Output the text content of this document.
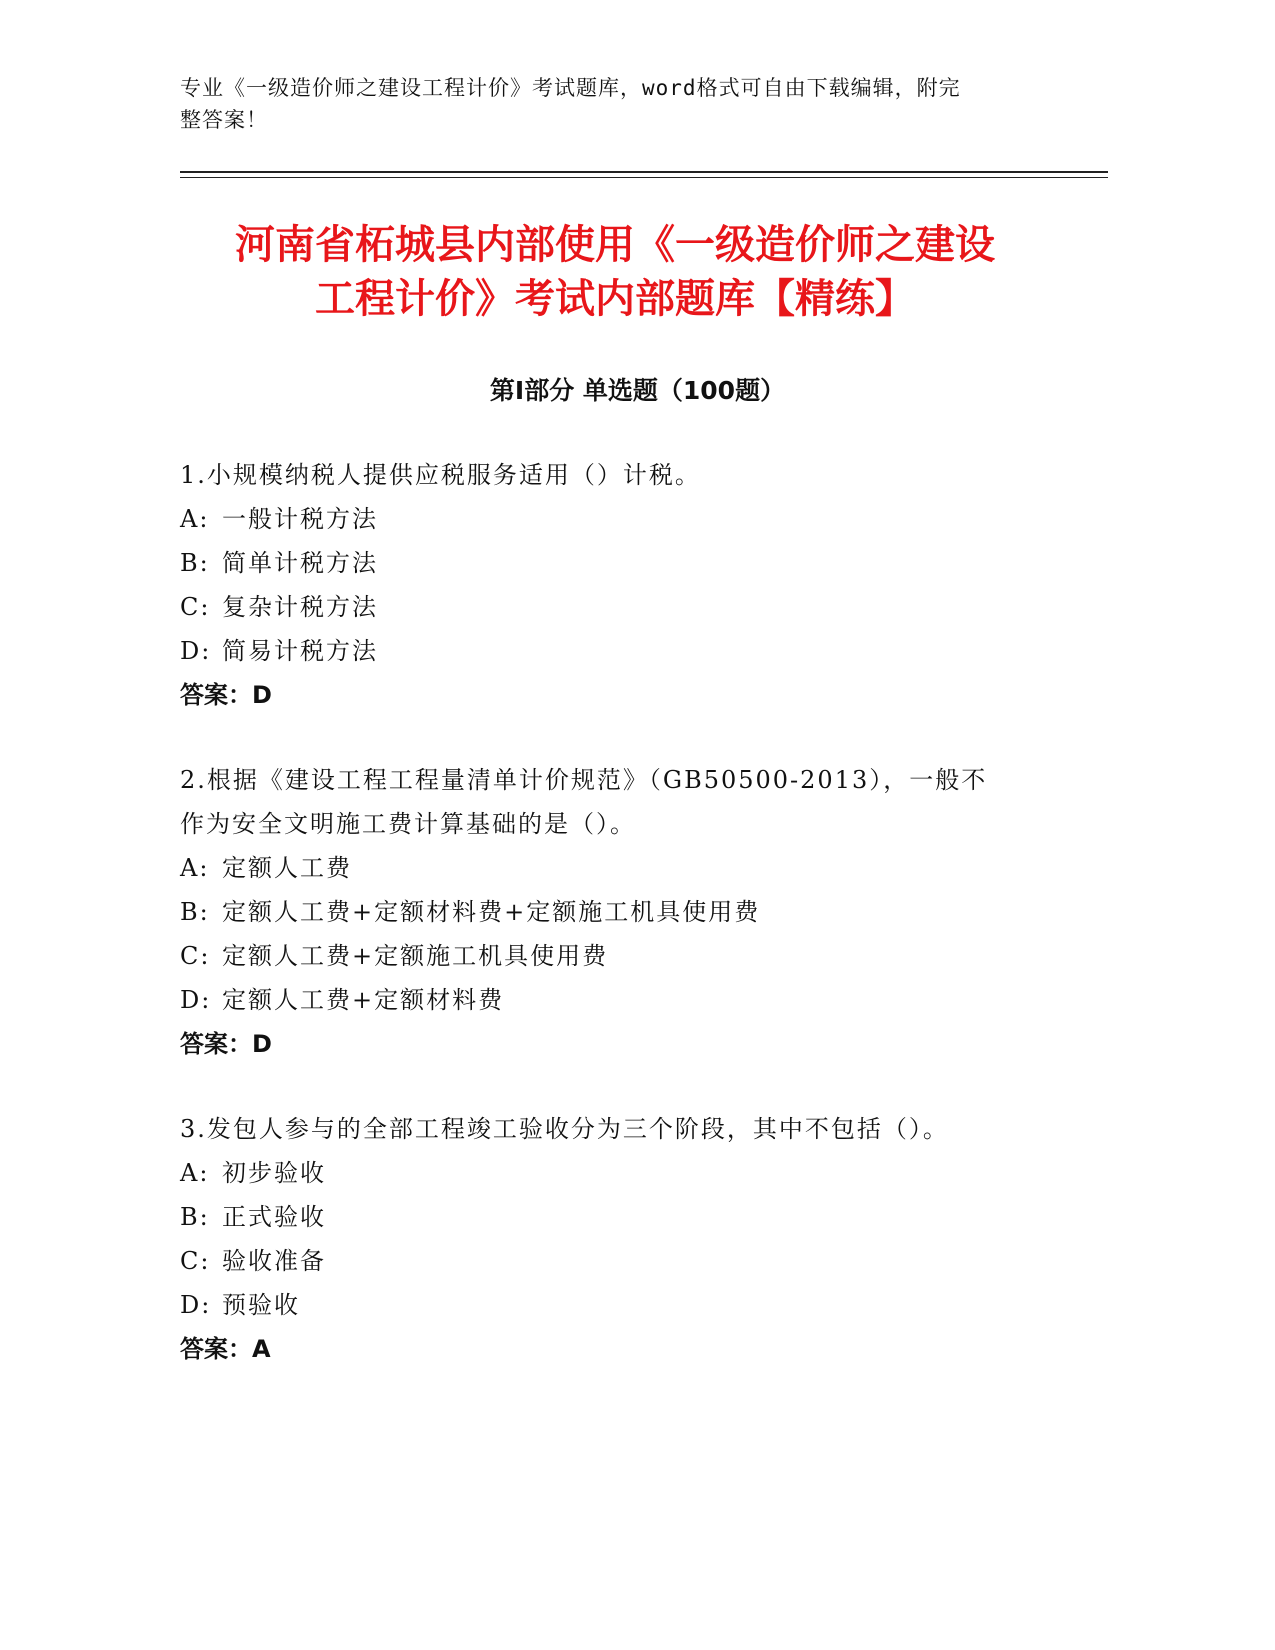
专业《一级造价师之建设工程计价》考试题库，word格式可自由下载编辑，附完
整答案！
河南省柘城县内部使用《一级造价师之建设
工程计价》考试内部题库【精练】
第Ⅰ部分 单选题（100题）
1.小规模纳税人提供应税服务适用（）计税。
A: 一般计税方法
B: 简单计税方法
C: 复杂计税方法
D: 简易计税方法
答案：D
2.根据《建设工程工程量清单计价规范》（GB50500-2013），一般不
作为安全文明施工费计算基础的是（）。
A: 定额人工费
B: 定额人工费+定额材料费+定额施工机具使用费
C: 定额人工费+定额施工机具使用费
D: 定额人工费+定额材料费
答案：D
3.发包人参与的全部工程竣工验收分为三个阶段，其中不包括（）。
A: 初步验收
B: 正式验收
C: 验收准备
D: 预验收
答案：A
